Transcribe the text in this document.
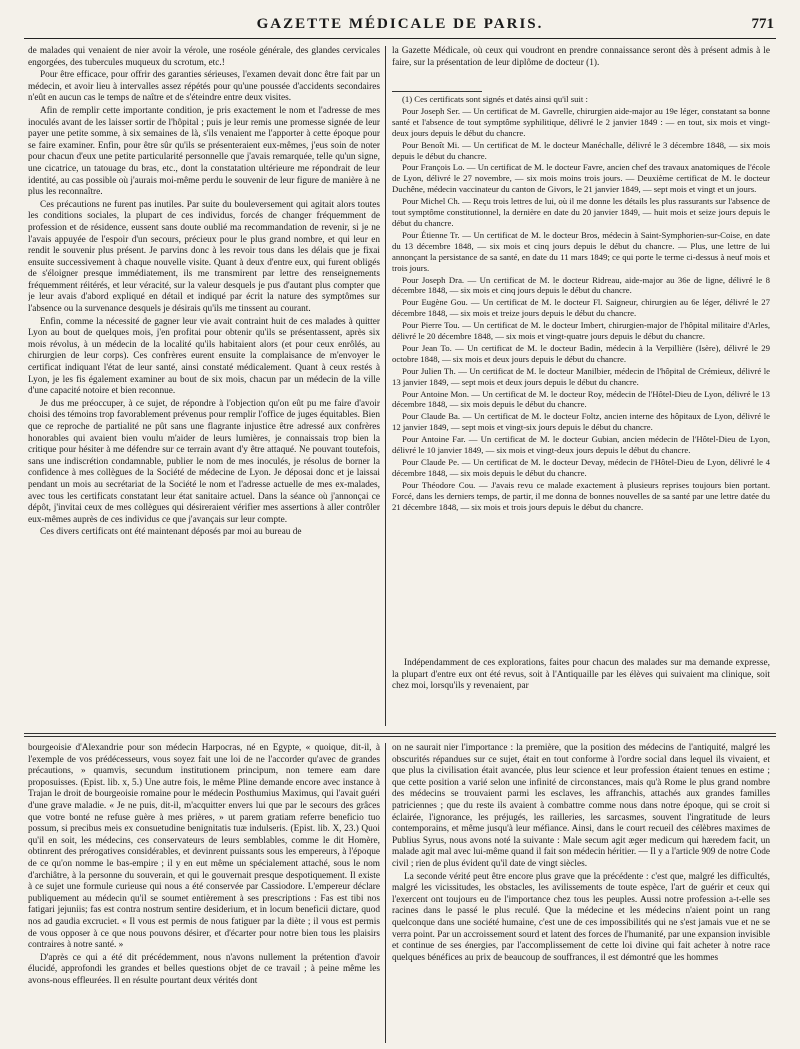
GAZETTE MÉDICALE DE PARIS.	771

de malades qui venaient de nier avoir la vérole, une roséole générale, des glandes cervicales engorgées, des tubercules muqueux du scrotum, etc.!

Pour être efficace, pour offrir des garanties sérieuses, l'examen devait donc être fait par un médecin, et avoir lieu à intervalles assez répétés pour qu'une poussée d'accidents secondaires n'eût en aucun cas le temps de naître et de s'éteindre entre deux visites.

Afin de remplir cette importante condition, je pris exactement le nom et l'adresse de mes inoculés avant de les laisser sortir de l'hôpital ; puis je leur remis une promesse signée de leur payer une petite somme, à six semaines de là, s'ils venaient me l'apporter à cette époque pour se faire examiner. Enfin, pour être sûr qu'ils se présenteraient eux-mêmes, j'eus soin de noter pour chacun d'eux une petite particularité personnelle que j'avais remarquée, telle qu'un signe, une cicatrice, un tatouage du bras, etc., dont la constatation ultérieure me répondrait de leur identité, au cas possible où j'aurais moi-même perdu le souvenir de leur figure de manière à ne plus les reconnaître.

Ces précautions ne furent pas inutiles. Par suite du bouleversement qui agitait alors toutes les conditions sociales, la plupart de ces individus, forcés de changer fréquemment de profession et de résidence, eussent sans doute oublié ma recommandation de revenir, si je ne l'avais appuyée de l'espoir d'un secours, précieux pour le plus grand nombre, et qui leur en rendit le souvenir plus présent. Je parvins donc à les revoir tous dans les délais que je fixai ensuite successivement à chaque nouvelle visite. Quant à deux d'entre eux, qui furent obligés de s'éloigner presque immédiatement, ils me transmirent par lettre des renseignements fréquemment réitérés, et leur véracité, sur la valeur desquels je pus d'autant plus compter que je leur avais d'abord expliqué en détail et indiqué par écrit la nature des symptômes sur l'absence ou la survenance desquels je désirais qu'ils me tinssent au courant.

Enfin, comme la nécessité de gagner leur vie avait contraint huit de ces malades à quitter Lyon au bout de quelques mois, j'en profitai pour obtenir qu'ils se présentassent, après six mois révolus, à un médecin de la localité qu'ils habitaient alors (et pour ceux enrôlés, au chirurgien de leur corps). Ces confrères eurent ensuite la complaisance de m'envoyer le certificat indiquant l'état de leur santé, ainsi constaté médicalement. Quant à ceux restés à Lyon, je les fis également examiner au bout de six mois, chacun par un médecin de la ville d'une capacité notoire et bien reconnue.

Je dus me préoccuper, à ce sujet, de répondre à l'objection qu'on eût pu me faire d'avoir choisi des témoins trop favorablement prévenus pour remplir l'office de juges équitables. Bien que ce reproche de partialité ne pût sans une flagrante injustice être adressé aux confrères honorables qui avaient bien voulu m'aider de leurs lumières, je connaissais trop bien la critique pour hésiter à me défendre sur ce terrain avant d'y être attaqué. Ne pouvant toutefois, sans une indiscrétion condamnable, publier le nom de mes inoculés, je résolus de borner la confidence à mes collègues de la Société de médecine de Lyon. Je déposai donc et je laissai pendant un mois au secrétariat de la Société le nom et l'adresse actuelle de mes ex-malades, avec tous les certificats constatant leur état sanitaire actuel. Dans la séance où j'annonçai ce dépôt, j'invitai ceux de mes collègues qui désireraient vérifier mes assertions à aller contrôler eux-mêmes auprès de ces individus ce que j'avançais sur leur compte.

Ces divers certificats ont été maintenant déposés par moi au bureau de

la Gazette Médicale, où ceux qui voudront en prendre connaissance seront dès à présent admis à le faire, sur la présentation de leur diplôme de docteur (1).

(1) Ces certificats sont signés et datés ainsi qu'il suit :

Pour Joseph Ser. — Un certificat de M. Gavrelle, chirurgien aide-major au 19e léger, constatant sa bonne santé et l'absence de tout symptôme syphilitique, délivré le 2 janvier 1849 : — en tout, six mois et vingt-deux jours depuis le début du chancre.

Pour Benoît Mi. — Un certificat de M. le docteur Manéchalle, délivré le 3 décembre 1848, — six mois depuis le début du chancre.

Pour François Lo. — Un certificat de M. le docteur Favre, ancien chef des travaux anatomiques de l'école de Lyon, délivré le 27 novembre, — six mois moins trois jours. — Deuxième certificat de M. le docteur Duchêne, médecin vaccinateur du canton de Givors, le 21 janvier 1849, — sept mois et vingt et un jours.

Pour Michel Ch. — Reçu trois lettres de lui, où il me donne les détails les plus rassurants sur l'absence de tout symptôme constitutionnel, la dernière en date du 20 janvier 1849, — huit mois et seize jours depuis le début du chancre.

Pour Étienne Tr. — Un certificat de M. le docteur Bros, médecin à Saint-Symphorien-sur-Coise, en date du 13 décembre 1848, — six mois et cinq jours depuis le début du chancre. — Plus, une lettre de lui annonçant la persistance de sa santé, en date du 11 mars 1849; ce qui porte le terme ci-dessus à neuf mois et trois jours.

Pour Joseph Dra. — Un certificat de M. le docteur Ridreau, aide-major au 36e de ligne, délivré le 8 décembre 1848, — six mois et cinq jours depuis le début du chancre.

Pour Eugène Gou. — Un certificat de M. le docteur Fl. Saigneur, chirurgien au 6e léger, délivré le 27 décembre 1848, — six mois et treize jours depuis le début du chancre.

Pour Pierre Tou. — Un certificat de M. le docteur Imbert, chirurgien-major de l'hôpital militaire d'Arles, délivré le 20 décembre 1848, — six mois et vingt-quatre jours depuis le début du chancre.

Pour Jean To. — Un certificat de M. le docteur Badin, médecin à la Verpillière (Isère), délivré le 29 octobre 1848, — six mois et deux jours depuis le début du chancre.

Pour Julien Th. — Un certificat de M. le docteur Manilbier, médecin de l'hôpital de Crémieux, délivré le 13 janvier 1849, — sept mois et deux jours depuis le début du chancre.

Pour Antoine Mon. — Un certificat de M. le docteur Roy, médecin de l'Hôtel-Dieu de Lyon, délivré le 13 décembre 1848, — six mois depuis le début du chancre.

Pour Claude Ba. — Un certificat de M. le docteur Foltz, ancien interne des hôpitaux de Lyon, délivré le 12 janvier 1849, — sept mois et vingt-six jours depuis le début du chancre.

Pour Antoine Far. — Un certificat de M. le docteur Gubian, ancien médecin de l'Hôtel-Dieu de Lyon, délivré le 10 janvier 1849, — six mois et vingt-deux jours depuis le début du chancre.

Pour Claude Pe. — Un certificat de M. le docteur Devay, médecin de l'Hôtel-Dieu de Lyon, délivré le 4 décembre 1848, — six mois depuis le début du chancre.

Pour Théodore Cou. — J'avais revu ce malade exactement à plusieurs reprises toujours bien portant. Forcé, dans les derniers temps, de partir, il me donna de bonnes nouvelles de sa santé par une lettre datée du 21 décembre 1848, — six mois et trois jours depuis le début du chancre.

Indépendamment de ces explorations, faites pour chacun des malades sur ma demande expresse, la plupart d'entre eux ont été revus, soit à l'Antiquaille par les élèves qui suivaient ma clinique, soit chez moi, lorsqu'ils y revenaient, par

bourgeoisie d'Alexandrie pour son médecin Harpocras, né en Égypte, « quoique, dit-il, à l'exemple de vos prédécesseurs, vous soyez fait une loi de ne l'accorder qu'avec de grandes précautions, » quamvis, secundum institutionem principum, non temere eam dare proposuisses. (Epist. lib. x, 5.) Une autre fois, le même Pline demande encore avec instance à Trajan le droit de bourgeoisie romaine pour le médecin Posthumius Maximus, qui l'avait guéri d'une grave maladie. « Je ne puis, dit-il, m'acquitter envers lui que par le secours des grâces que votre bonté ne refuse guère à mes prières, » ut parem gratiam referre beneficio tuo possum, si precibus meis ex consuetudine benignitatis tuæ indulseris. (Epist. lib. X, 23.) Quoi qu'il en soit, les médecins, ces conservateurs de leurs semblables, comme le dit Homère, obtinrent des prérogatives considérables, et devinrent puissants sous les empereurs, à l'époque de ce qu'on nomme le bas-empire ; il y en eut même un spécialement attaché, sous le nom d'archiâtre, à la personne du souverain, et qui le gouvernait presque despotiquement. Il existe à ce sujet une formule curieuse qui nous a été conservée par Cassiodore. L'empereur déclare publiquement au médecin qu'il se soumet entièrement à ses prescriptions : Fas est tibi nos fatigari jejuniis; fas est contra nostrum sentire desiderium, et in locum beneficii dictare, quod nos ad gaudia excruciet. « Il vous est permis de nous fatiguer par la diète ; il vous est permis de vous opposer à ce que nous pouvons désirer, et d'écarter pour notre bien tous les plaisirs contraires à notre santé. »

D'après ce qui a été dit précédemment, nous n'avons nullement la prétention d'avoir élucidé, approfondi les grandes et belles questions objet de ce travail ; à peine même les avons-nous effleurées. Il en résulte pourtant deux vérités dont

on ne saurait nier l'importance : la première, que la position des médecins de l'antiquité, malgré les obscurités répandues sur ce sujet, était en tout conforme à l'ordre social dans lequel ils vivaient, et que plus la civilisation était avancée, plus leur science et leur profession étaient tenues en estime ; que cette position a varié selon une infinité de circonstances, mais qu'à Rome le plus grand nombre des médecins se trouvaient parmi les esclaves, les affranchis, attachés aux grandes familles patriciennes ; que du reste ils avaient à combattre comme nous dans notre époque, qui se croit si éclairée, l'ignorance, les préjugés, les railleries, les sarcasmes, souvent l'ingratitude de leurs contemporains, et même jusqu'à leur méfiance. Ainsi, dans le court recueil des célèbres maximes de Publius Syrus, nous avons noté la suivante : Male secum agit æger medicum qui hæredem facit, un malade agit mal avec lui-même quand il fait son médecin héritier. — Il y a l'article 909 de notre Code civil ; rien de plus évident qu'il date de vingt siècles.

La seconde vérité peut être encore plus grave que la précédente : c'est que, malgré les difficultés, malgré les vicissitudes, les obstacles, les avilissements de toute espèce, l'art de guérir et ceux qui l'exercent ont toujours eu de l'importance chez tous les peuples. Aussi notre profession a-t-elle ses racines dans le passé le plus reculé. Que la médecine et les médecins n'aient point un rang quelconque dans une société humaine, c'est une de ces impossibilités qui ne s'est jamais vue et ne se verra point. Par un accroissement sourd et latent des forces de l'humanité, par une expansion invisible et continue de ses énergies, par l'accomplissement de cette loi divine qui fait acheter à notre race quelques bénéfices au prix de beaucoup de souffrances, il est démontré que les hommes
